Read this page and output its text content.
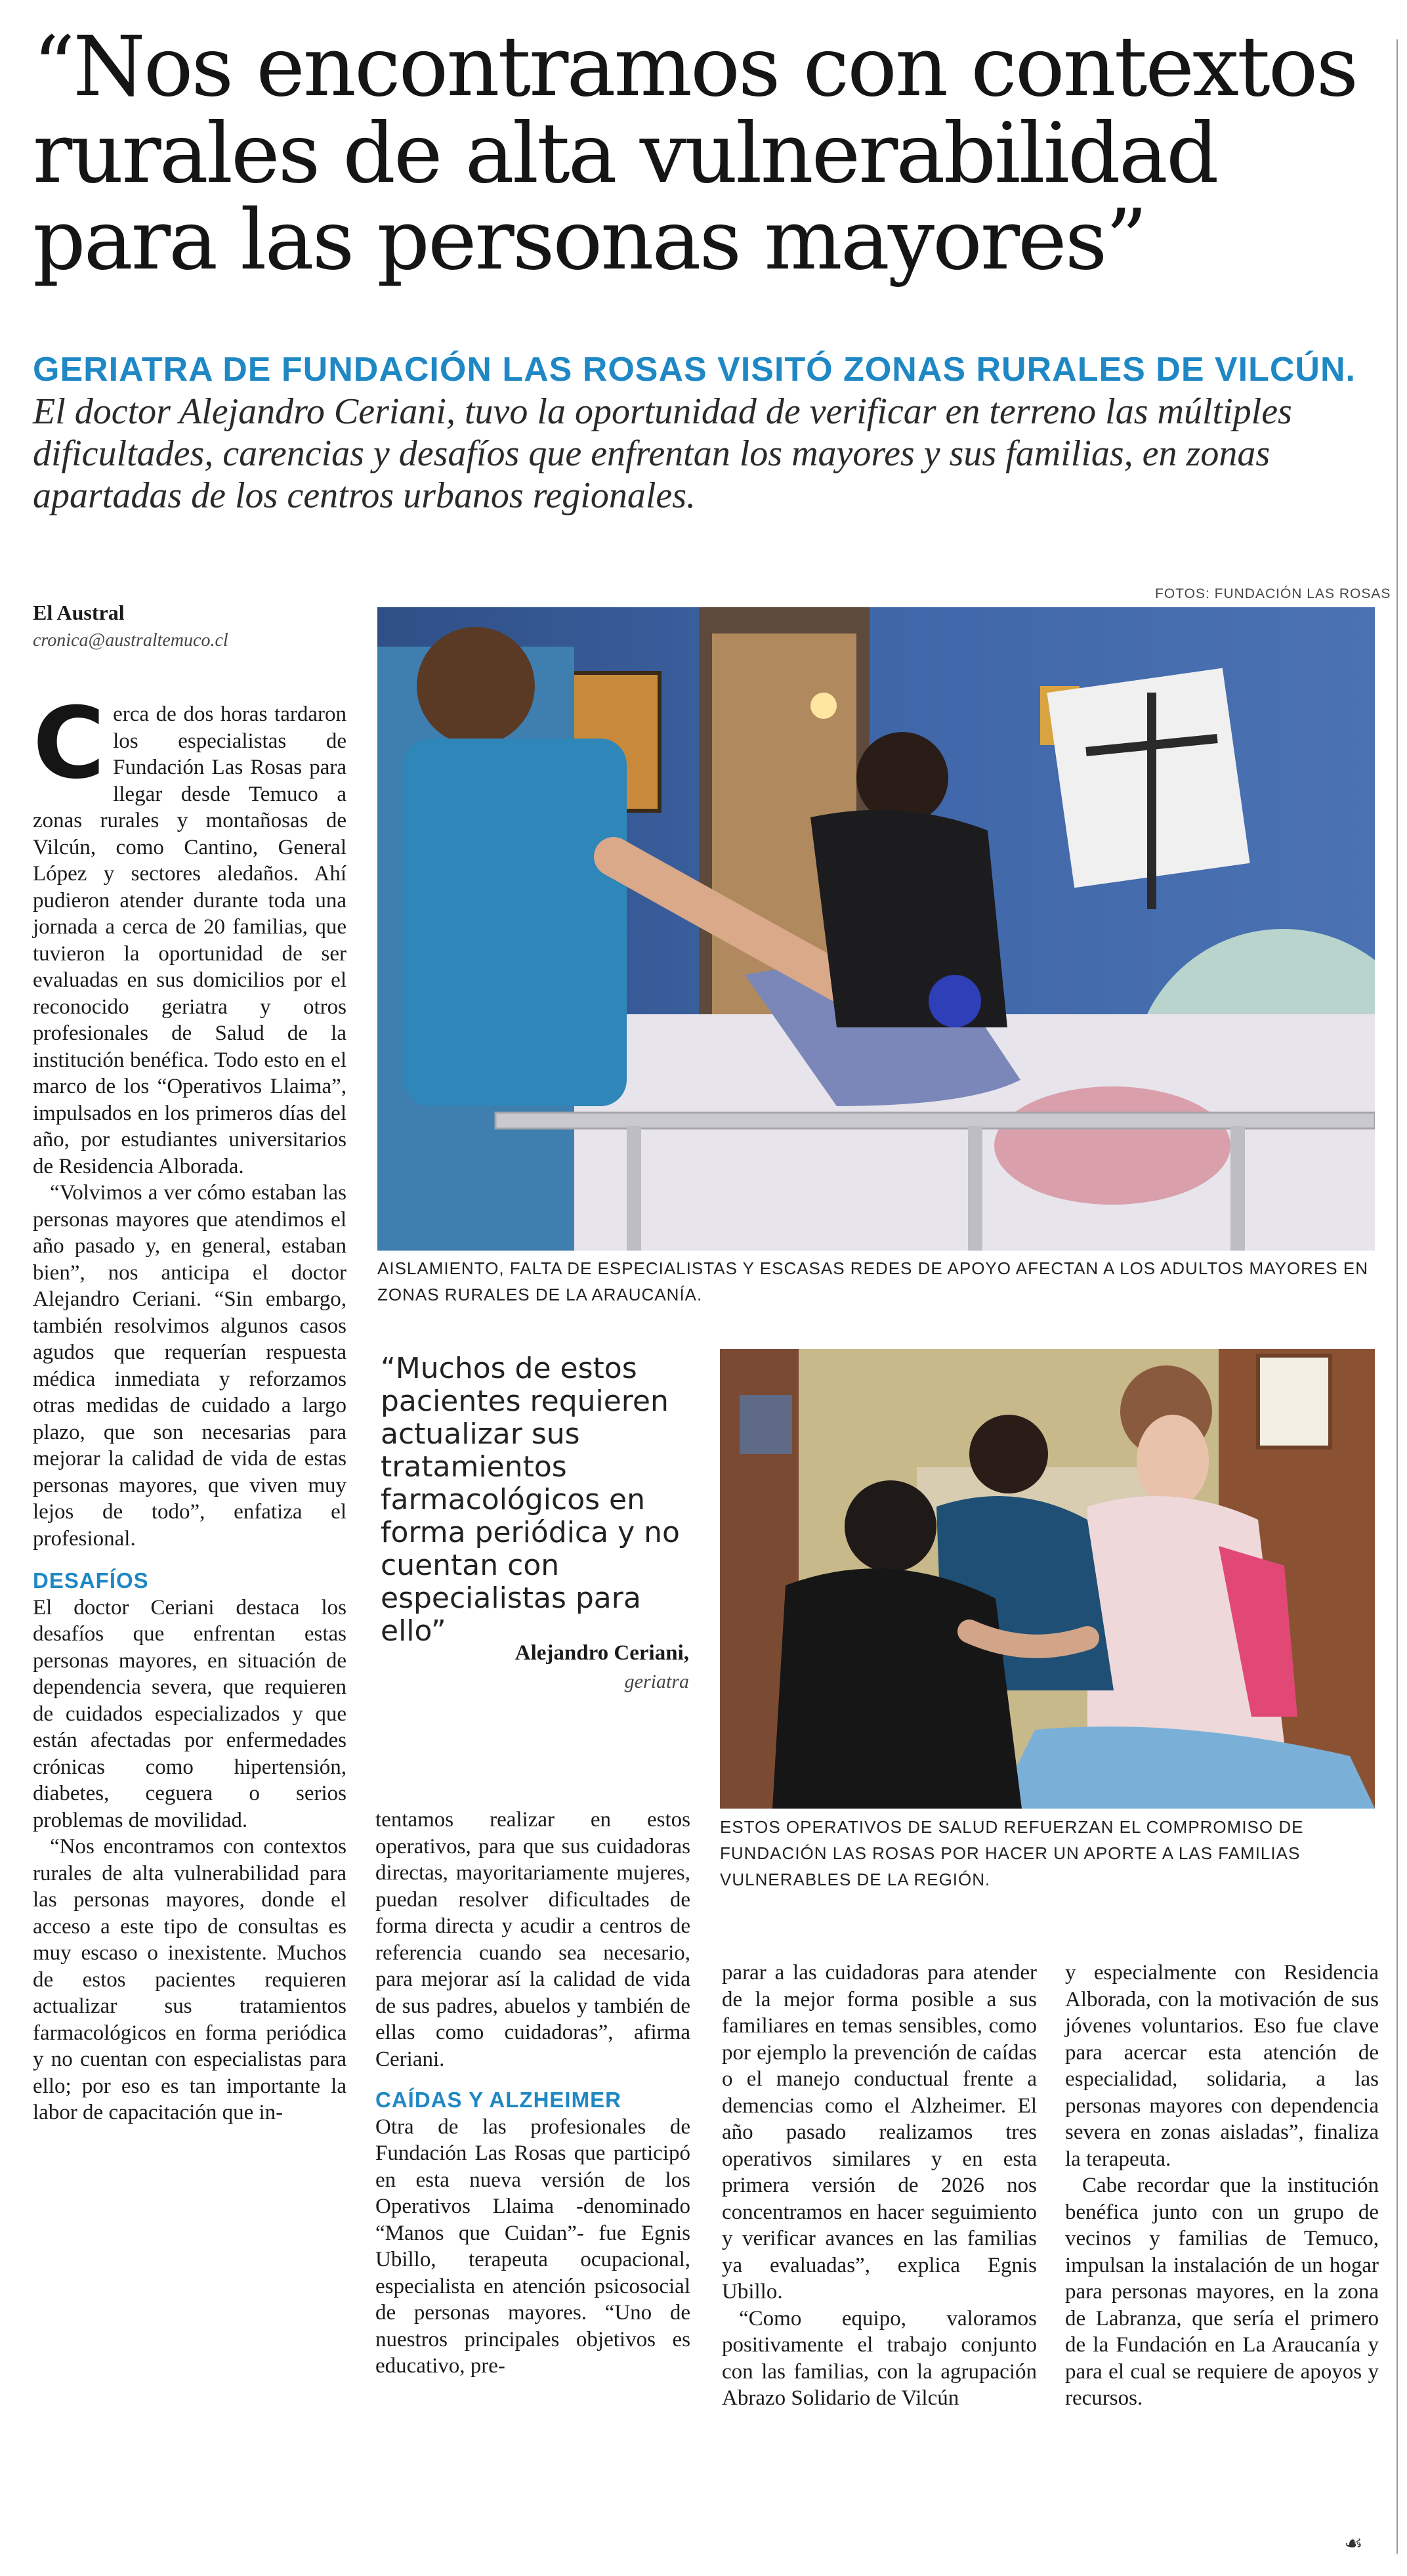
“Nos encontramos con contextos
rurales de alta vulnerabilidad
para las personas mayores”
GERIATRA DE FUNDACIÓN LAS ROSAS VISITÓ ZONAS RURALES DE VILCÚN. El doctor Alejandro Ceriani, tuvo la oportunidad de verificar en terreno las múltiples dificultades, carencias y desafíos que enfrentan los mayores y sus familias, en zonas apartadas de los centros urbanos regionales.
El Austral
cronica@australtemuco.cl
FOTOS: FUNDACIÓN LAS ROSAS
AISLAMIENTO, FALTA DE ESPECIALISTAS Y ESCASAS REDES DE APOYO AFECTAN A LOS ADULTOS MAYORES EN ZONAS RURALES DE LA ARAUCANÍA.
ESTOS OPERATIVOS DE SALUD REFUERZAN EL COMPROMISO DE FUNDACIÓN LAS ROSAS POR HACER UN APORTE A LAS FAMILIAS VULNERABLES DE LA REGIÓN.
“Muchos de estos pacientes requieren actualizar sus tratamientos farmacológicos en forma periódica y no cuentan con especialistas para ello”
Alejandro Ceriani,
geriatra

Cerca de dos horas tardaron los especialistas de Fundación Las Rosas para llegar desde Temuco a zonas rurales y montañosas de Vilcún, como Cantino, General López y sectores aledaños. Ahí pudieron atender durante toda una jornada a cerca de 20 familias, que tuvieron la oportunidad de ser evaluadas en sus domicilios por el reconocido geriatra y otros profesionales de Salud de la institución benéfica. Todo esto en el marco de los “Operativos Llaima”, impulsados en los primeros días del año, por estudiantes universitarios de Residencia Alborada.

“Volvimos a ver cómo estaban las personas mayores que atendimos el año pasado y, en general, estaban bien”, nos anticipa el doctor Alejandro Ceriani. “Sin embargo, también resolvimos algunos casos agudos que requerían respuesta médica inmediata y reforzamos otras medidas de cuidado a largo plazo, que son necesarias para mejorar la calidad de vida de estas personas mayores, que viven muy lejos de todo”, enfatiza el profesional.

DESAFÍOS

El doctor Ceriani destaca los desafíos que enfrentan estas personas mayores, en situación de dependencia severa, que requieren de cuidados especializados y que están afectadas por enfermedades crónicas como hipertensión, diabetes, ceguera o serios problemas de movilidad.

“Nos encontramos con contextos rurales de alta vulnerabilidad para las personas mayores, donde el acceso a este tipo de consultas es muy escaso o inexistente. Muchos de estos pacientes requieren actualizar sus tratamientos farmacológicos en forma periódica y no cuentan con especialistas para ello; por eso es tan importante la labor de capacitación que in-

tentamos realizar en estos operativos, para que sus cuidadoras directas, mayoritariamente mujeres, puedan resolver dificultades de forma directa y acudir a centros de referencia cuando sea necesario, para mejorar así la calidad de vida de sus padres, abuelos y también de ellas como cuidadoras”, afirma Ceriani.

CAÍDAS Y ALZHEIMER

Otra de las profesionales de Fundación Las Rosas que participó en esta nueva versión de los Operativos Llaima -denominado “Manos que Cuidan”- fue Egnis Ubillo, terapeuta ocupacional, especialista en atención psicosocial de personas mayores. “Uno de nuestros principales objetivos es educativo, pre-

parar a las cuidadoras para atender de la mejor forma posible a sus familiares en temas sensibles, como por ejemplo la prevención de caídas o el manejo conductual frente a demencias como el Alzheimer. El año pasado realizamos tres operativos similares y en esta primera versión de 2026 nos concentramos en hacer seguimiento y verificar avances en las familias ya evaluadas”, explica Egnis Ubillo.

“Como equipo, valoramos positivamente el trabajo conjunto con las familias, con la agrupación Abrazo Solidario de Vilcún

y especialmente con Residencia Alborada, con la motivación de sus jóvenes voluntarios. Eso fue clave para acercar esta atención de especialidad, solidaria, a las personas mayores con dependencia severa en zonas aisladas”, finaliza la terapeuta.

Cabe recordar que la institución benéfica junto con un grupo de vecinos y familias de Temuco, impulsan la instalación de un hogar para personas mayores, en la zona de Labranza, que sería el primero de la Fundación en La Araucanía y para el cual se requiere de apoyos y recursos.

☙
